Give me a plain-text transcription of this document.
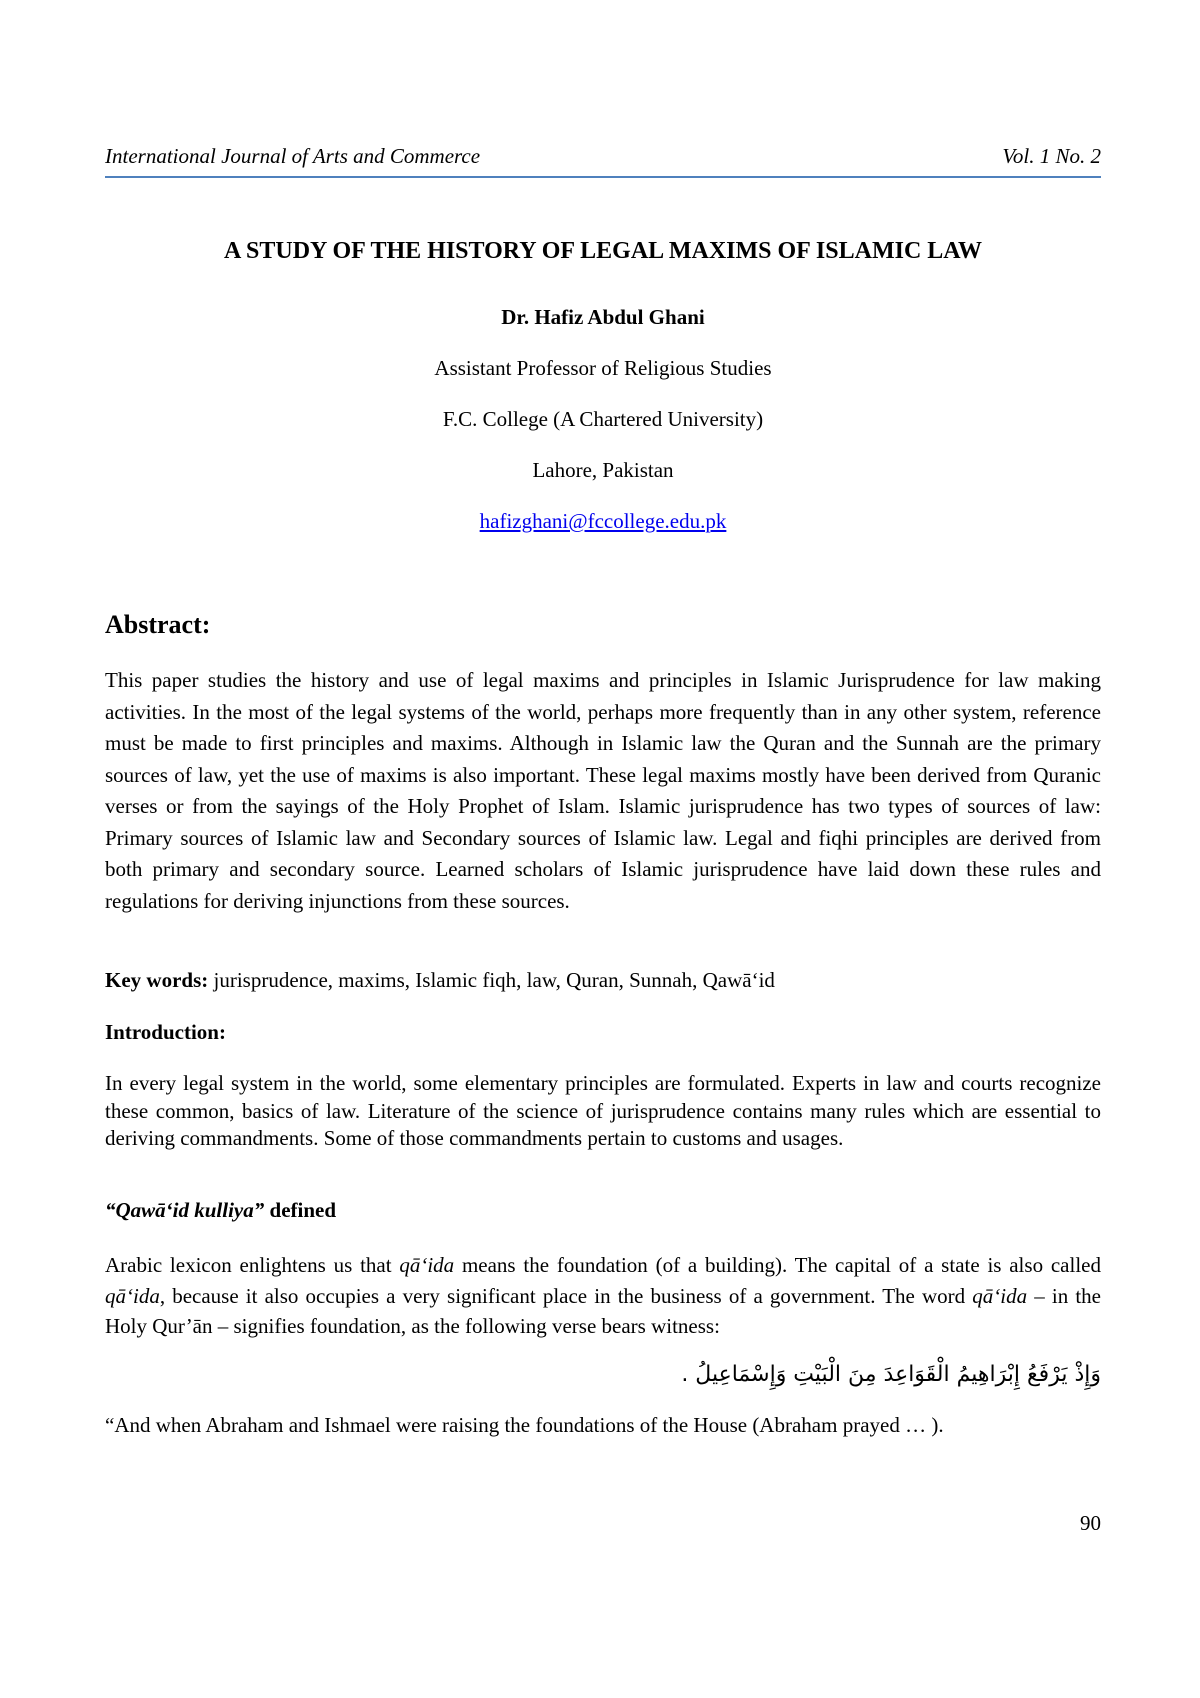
International Journal of Arts and Commerce	Vol. 1 No. 2
A STUDY OF THE HISTORY OF LEGAL MAXIMS OF ISLAMIC LAW
Dr. Hafiz Abdul Ghani
Assistant Professor of Religious Studies
F.C. College (A Chartered University)
Lahore, Pakistan
hafizghani@fccollege.edu.pk
Abstract:
This paper studies the history and use of legal maxims and principles in Islamic Jurisprudence for law making activities. In the most of the legal systems of the world, perhaps more frequently than in any other system, reference must be made to first principles and maxims. Although in Islamic law the Quran and the Sunnah are the primary sources of law, yet the use of maxims is also important. These legal maxims mostly have been derived from Quranic verses or from the sayings of the Holy Prophet of Islam. Islamic jurisprudence has two types of sources of law: Primary sources of Islamic law and Secondary sources of Islamic law. Legal and fiqhi principles are derived from both primary and secondary source. Learned scholars of Islamic jurisprudence have laid down these rules and regulations for deriving injunctions from these sources.
Key words: jurisprudence, maxims, Islamic fiqh, law, Quran, Sunnah, Qawā‘id
Introduction:
In every legal system in the world, some elementary principles are formulated. Experts in law and courts recognize these common, basics of law. Literature of the science of jurisprudence contains many rules which are essential to deriving commandments. Some of those commandments pertain to customs and usages.
“Qawā‘id kulliya” defined
Arabic lexicon enlightens us that qā‘ida means the foundation (of a building). The capital of a state is also called qā‘ida, because it also occupies a very significant place in the business of a government. The word qā‘ida – in the Holy Qur’ān – signifies foundation, as the following verse bears witness:
وَإِذْ يَرْفَعُ إِبْرَاهِيمُ الْقَوَاعِدَ مِنَ الْبَيْتِ وَإِسْمَاعِيلُ .
“And when Abraham and Ishmael were raising the foundations of the House (Abraham prayed … ).
90
